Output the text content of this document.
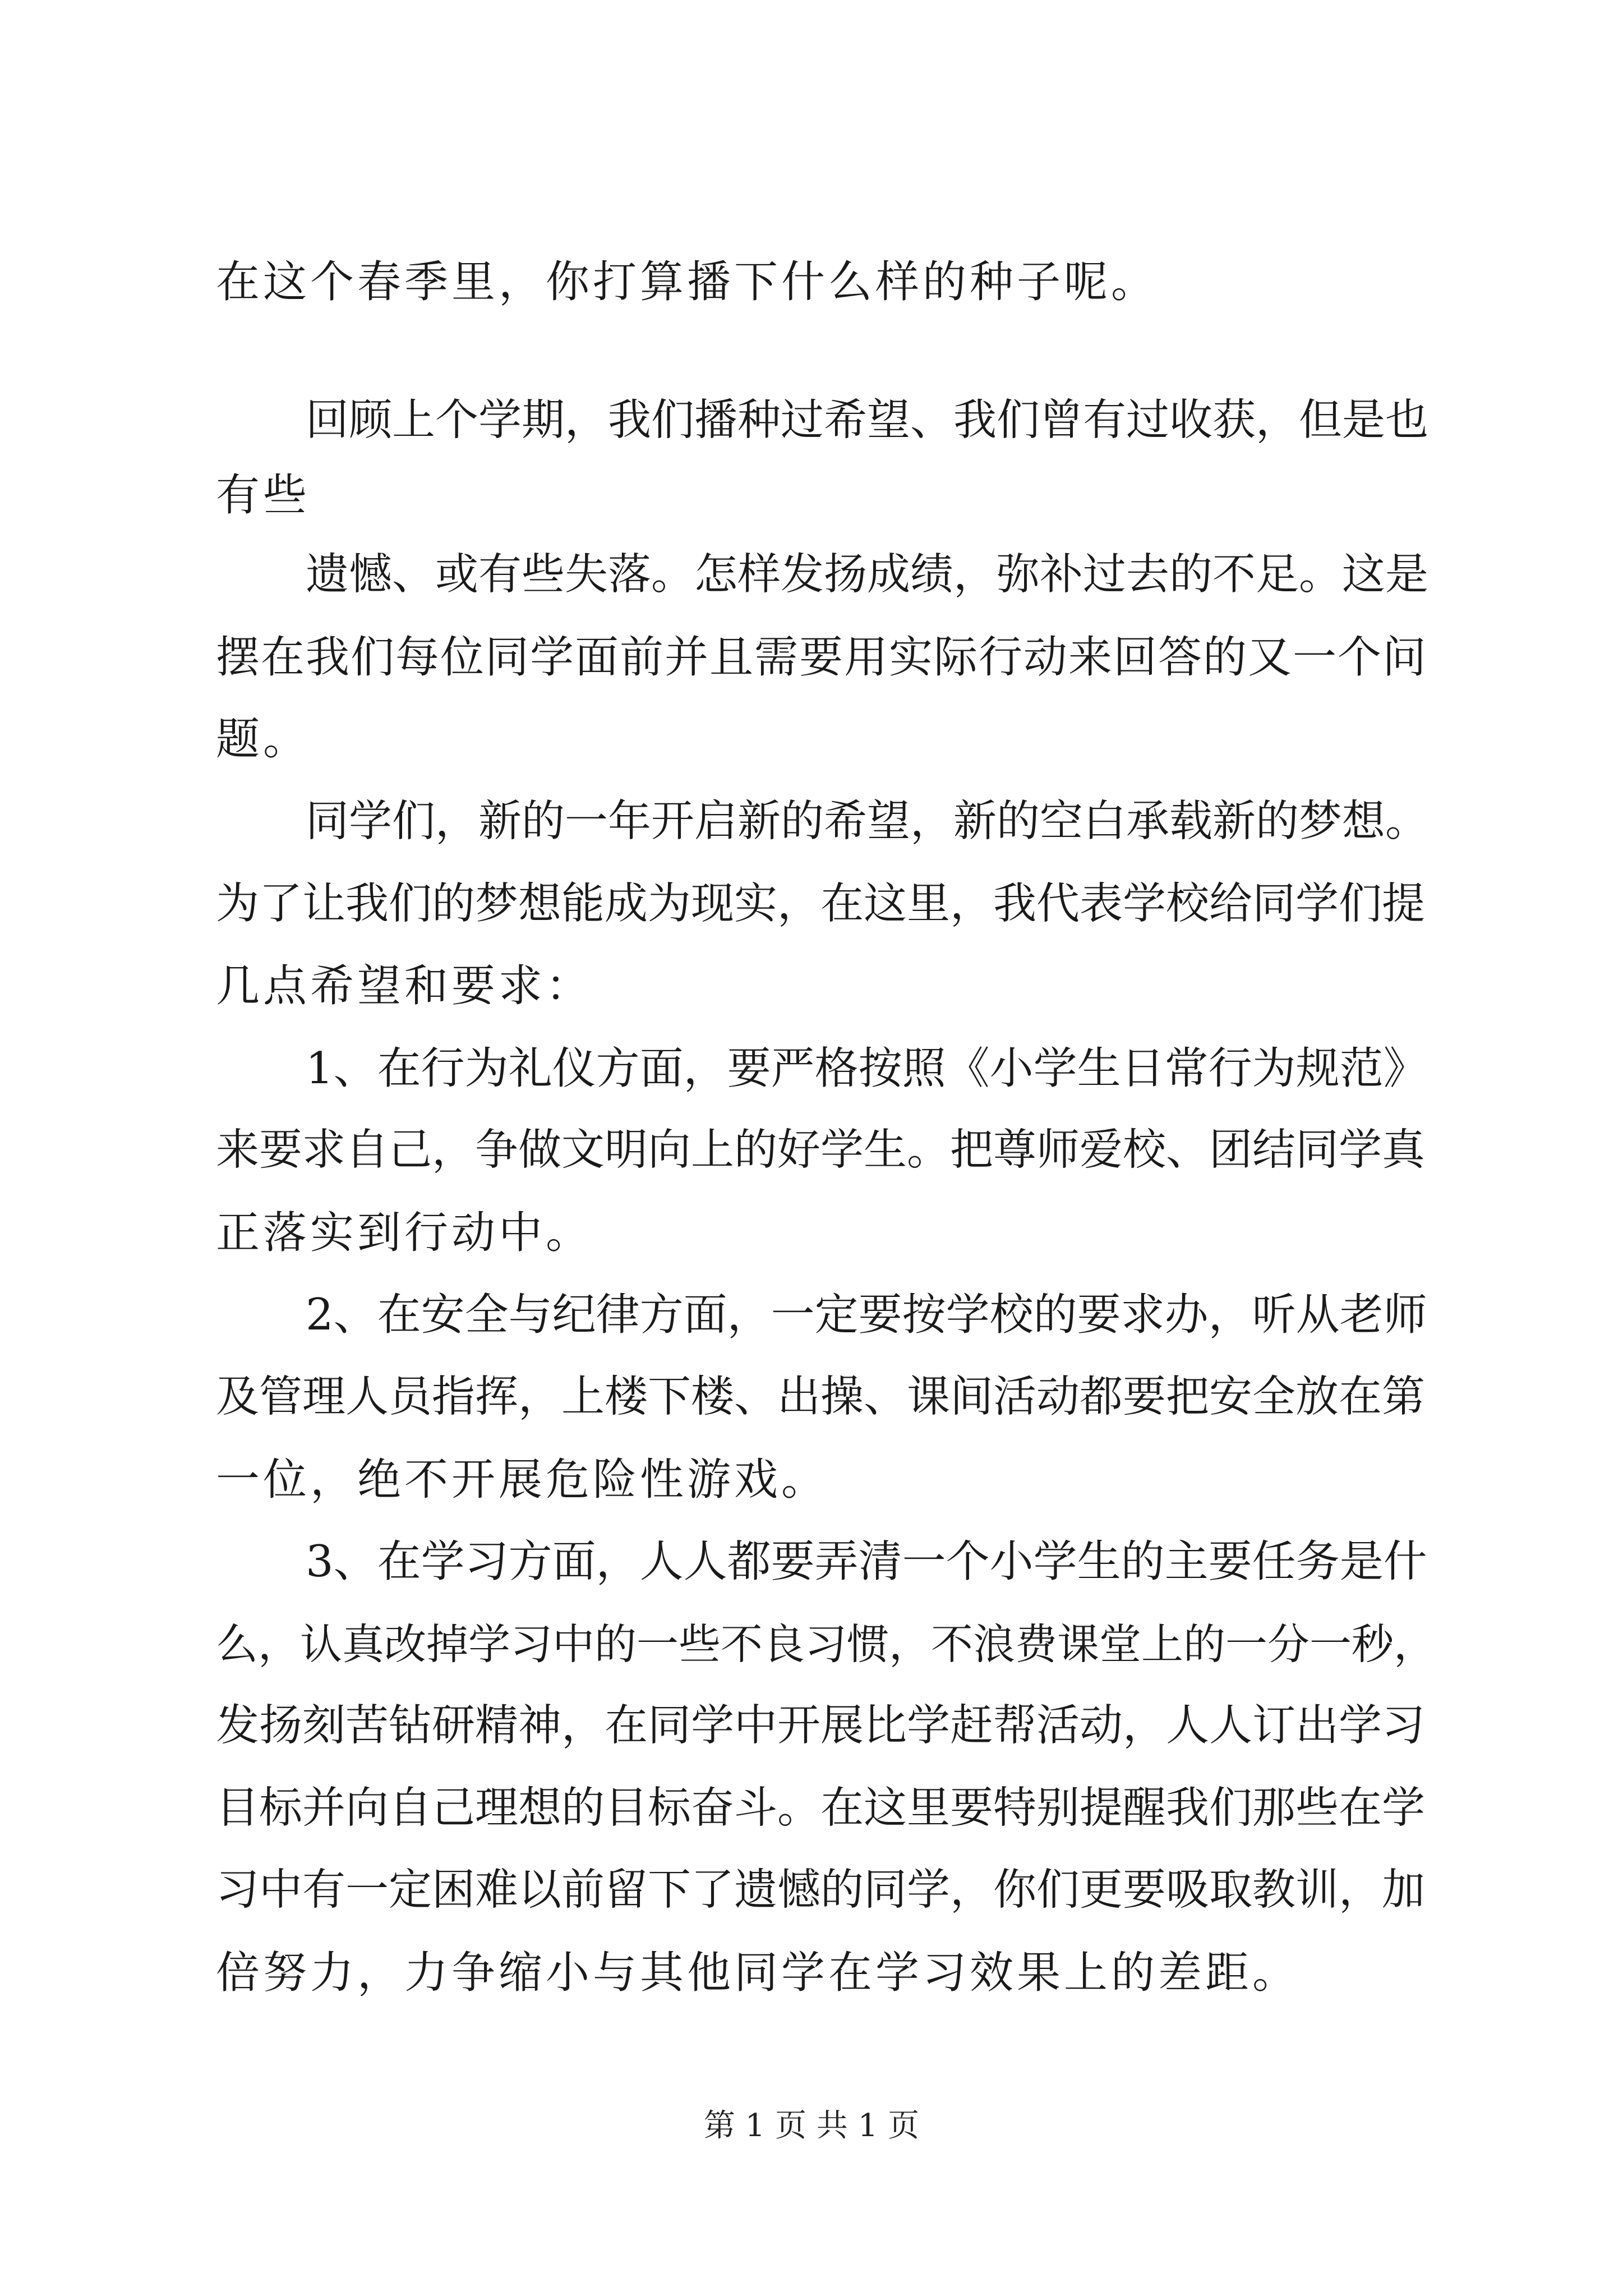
在这个春季里，你打算播下什么样的种子呢。
回顾上个学期，我们播种过希望、我们曾有过收获，但是也
有些
遗憾、或有些失落。怎样发扬成绩，弥补过去的不足。这是
摆在我们每位同学面前并且需要用实际行动来回答的又一个问
题。
同学们，新的一年开启新的希望，新的空白承载新的梦想。
为了让我们的梦想能成为现实，在这里，我代表学校给同学们提
几点希望和要求：
1、在行为礼仪方面，要严格按照《小学生日常行为规范》
来要求自己，争做文明向上的好学生。把尊师爱校、团结同学真
正落实到行动中。
2、在安全与纪律方面，一定要按学校的要求办，听从老师
及管理人员指挥，上楼下楼、出操、课间活动都要把安全放在第
一位，绝不开展危险性游戏。
3、在学习方面，人人都要弄清一个小学生的主要任务是什
么，认真改掉学习中的一些不良习惯，不浪费课堂上的一分一秒，
发扬刻苦钻研精神，在同学中开展比学赶帮活动，人人订出学习
目标并向自己理想的目标奋斗。在这里要特别提醒我们那些在学
习中有一定困难以前留下了遗憾的同学，你们更要吸取教训，加
倍努力，力争缩小与其他同学在学习效果上的差距。
第 1 页 共 1 页
